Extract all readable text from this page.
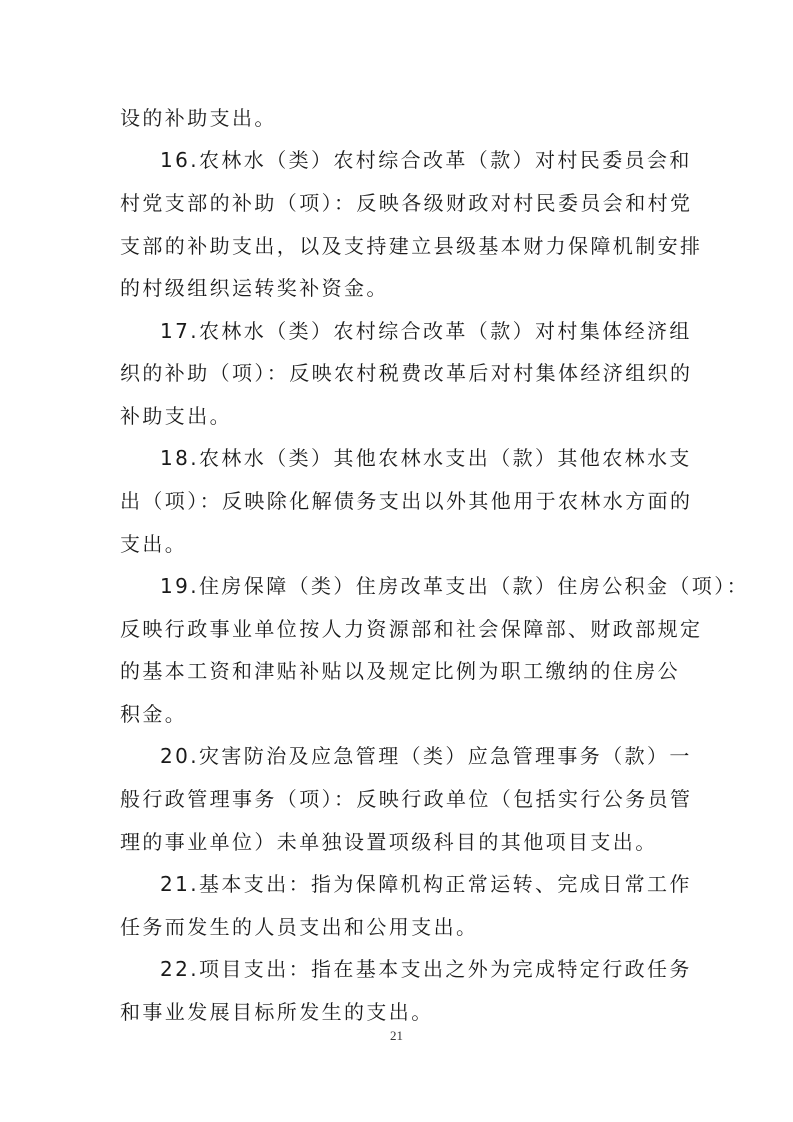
设的补助支出。
16.农林水（类）农村综合改革（款）对村民委员会和
村党支部的补助（项）：反映各级财政对村民委员会和村党
支部的补助支出，以及支持建立县级基本财力保障机制安排
的村级组织运转奖补资金。
17.农林水（类）农村综合改革（款）对村集体经济组
织的补助（项）：反映农村税费改革后对村集体经济组织的
补助支出。
18.农林水（类）其他农林水支出（款）其他农林水支
出（项）：反映除化解债务支出以外其他用于农林水方面的
支出。
19.住房保障（类）住房改革支出（款）住房公积金（项）：
反映行政事业单位按人力资源部和社会保障部、财政部规定
的基本工资和津贴补贴以及规定比例为职工缴纳的住房公
积金。
20.灾害防治及应急管理（类）应急管理事务（款）一
般行政管理事务（项）：反映行政单位（包括实行公务员管
理的事业单位）未单独设置项级科目的其他项目支出。
21.基本支出：指为保障机构正常运转、完成日常工作
任务而发生的人员支出和公用支出。
22.项目支出：指在基本支出之外为完成特定行政任务
和事业发展目标所发生的支出。
21
